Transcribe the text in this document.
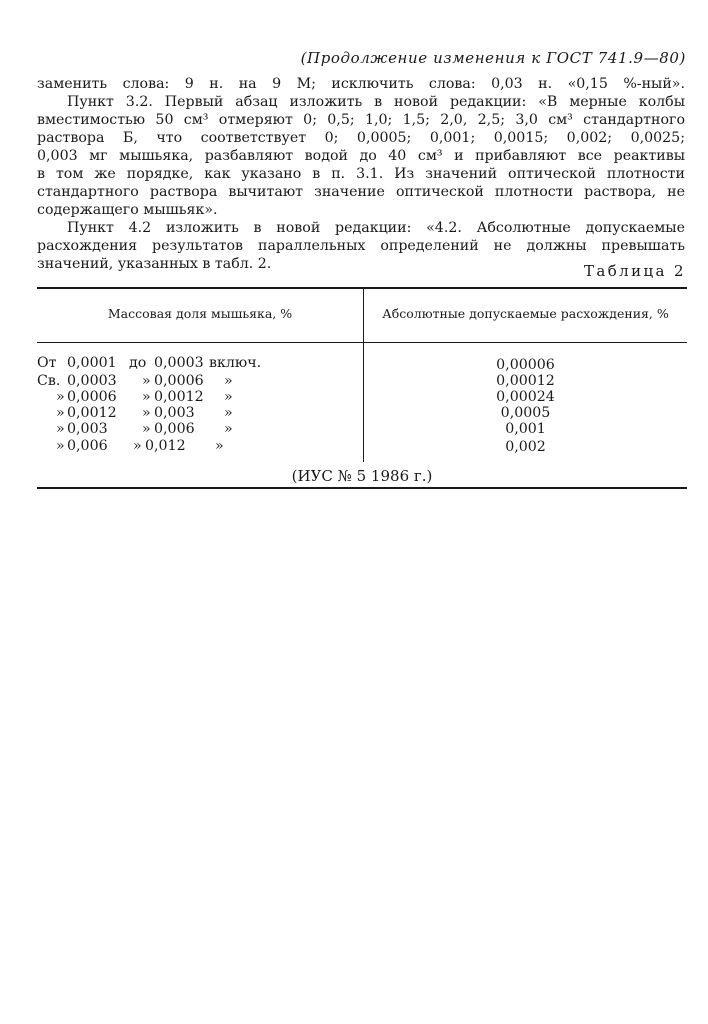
(Продолжение изменения к ГОСТ 741.9—80)
заменить слова: 9 н. на 9 М; исключить слова: 0,03 н. «0,15 %-ный».
Пункт 3.2. Первый абзац изложить в новой редакции: «В мерные колбы
вместимостью 50 см³ отмеряют 0; 0,5; 1,0; 1,5; 2,0, 2,5; 3,0 см³ стандартного
раствора Б, что соответствует 0; 0,0005; 0,001; 0,0015; 0,002; 0,0025;
0,003 мг мышьяка, разбавляют водой до 40 см³ и прибавляют все реактивы
в том же порядке, как указано в п. 3.1. Из значений оптической плотности
стандартного раствора вычитают значение оптической плотности раствора, не
содержащего мышьяк».
Пункт 4.2 изложить в новой редакции: «4.2. Абсолютные допускаемые
расхождения результатов параллельных определений не должны превышать
значений, указанных в табл. 2.	Таблица 2
Массовая доля мышьяка, %	Абсолютные допускаемые расхождения, %
От 0,0001 до 0,0003 включ.	0,00006
Св. 0,0003 » 0,0006 »	0,00012
» 0,0006 » 0,0012 »	0,00024
» 0,0012 » 0,003 »	0,0005
» 0,003 » 0,006 »	0,001
» 0,006 » 0,012 »	0,002
(ИУС № 5 1986 г.)
